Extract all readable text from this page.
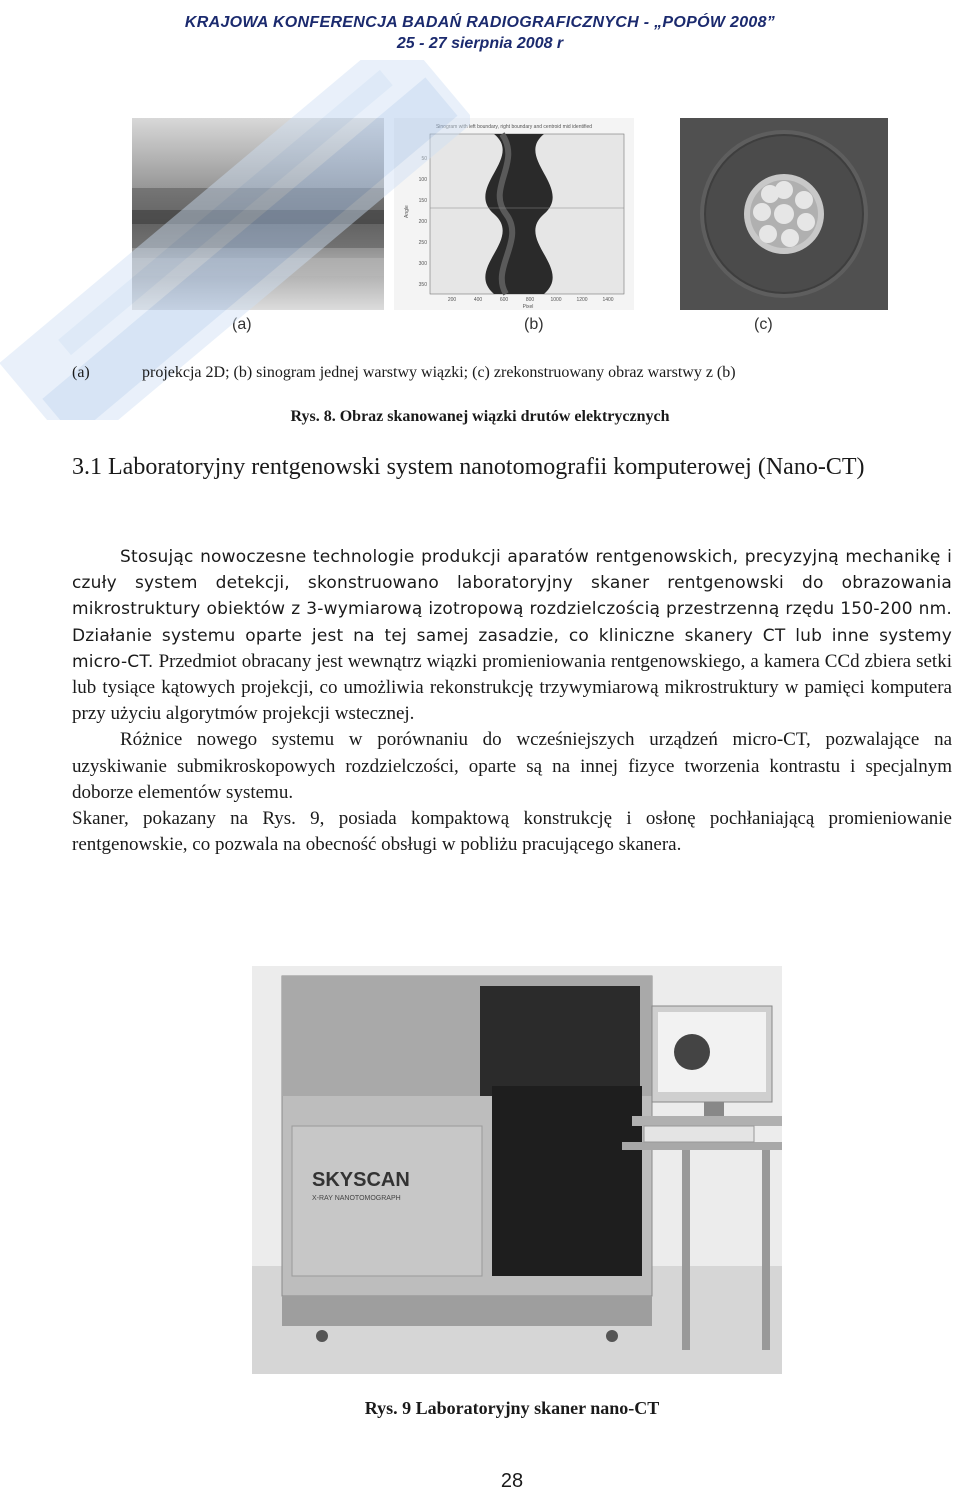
KRAJOWA KONFERENCJA BADAŃ RADIOGRAFICZNYCH - „POPÓW 2008”
25 - 27 sierpnia 2008 r
Sinogram with left boundary, right boundary and centroid mid identified
Angle
50
100
150
200
250
300
350
200	400	600	800	1000	1200	1400
Pixel
(a)	(b)	(c)
(a)	projekcja 2D; (b) sinogram jednej warstwy wiązki; (c) zrekonstruowany obraz warstwy z (b)
Rys. 8. Obraz skanowanej wiązki drutów elektrycznych
3.1 Laboratoryjny rentgenowski system nanotomografii komputerowej (Nano-CT)

Stosując nowoczesne technologie produkcji aparatów rentgenowskich, precyzyjną mechanikę i czuły system detekcji, skonstruowano laboratoryjny skaner rentgenowski do obrazowania mikrostruktury obiektów z 3-wymiarową izotropową rozdzielczością przestrzenną rzędu 150-200 nm. Działanie systemu oparte jest na tej samej zasadzie, co kliniczne skanery CT lub inne systemy micro-CT. Przedmiot obracany jest wewnątrz wiązki promieniowania rentgenowskiego, a kamera CCd zbiera setki lub tysiące kątowych projekcji, co umożliwia rekonstrukcję trzywymiarową mikrostruktury w pamięci komputera przy użyciu algorytmów projekcji wstecznej.

Różnice nowego systemu w porównaniu do wcześniejszych urządzeń micro-CT, pozwalające na uzyskiwanie submikroskopowych rozdzielczości, oparte są na innej fizyce tworzenia kontrastu i specjalnym doborze elementów systemu.

Skaner, pokazany na Rys. 9, posiada kompaktową konstrukcję i osłonę pochłaniającą promieniowanie rentgenowskie, co pozwala na obecność obsługi w pobliżu pracującego skanera.

SKYSCAN
X-RAY NANOTOMOGRAPH
Rys. 9 Laboratoryjny skaner nano-CT
28
